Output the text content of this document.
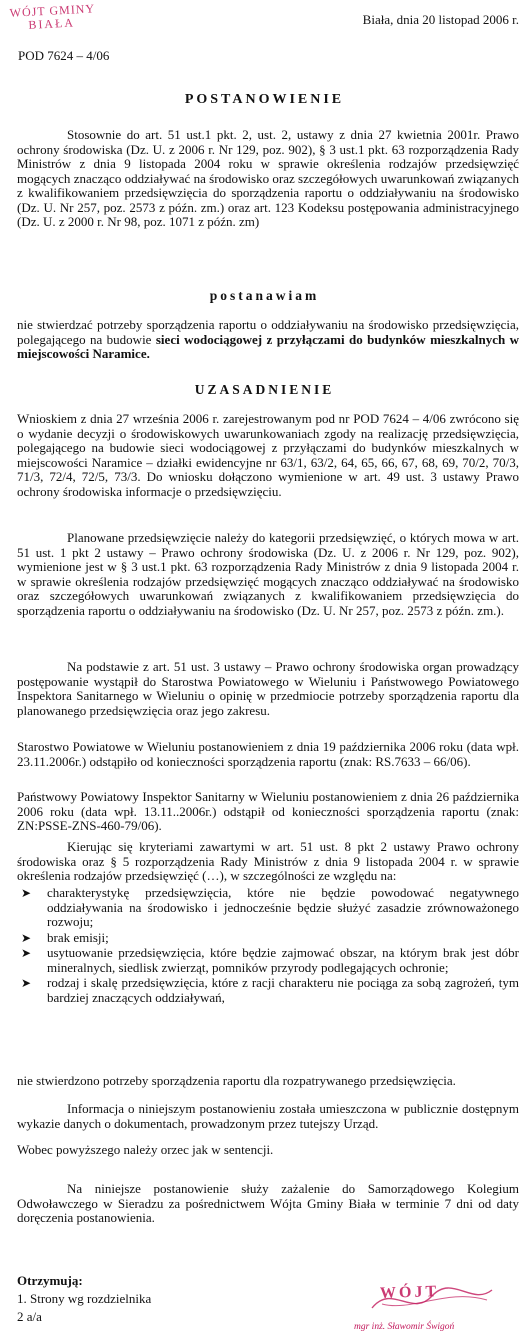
WÓJT GMINY
BIAŁA	Biała, dnia 20 listopad 2006 r.
POD 7624 – 4/06
POSTANOWIENIE
Stosownie do art. 51 ust.1 pkt. 2, ust. 2, ustawy z dnia 27 kwietnia 2001r. Prawo ochrony środowiska (Dz. U. z 2006 r. Nr 129, poz. 902), § 3 ust.1 pkt. 63 rozporządzenia Rady Ministrów z dnia 9 listopada 2004 roku w sprawie określenia rodzajów przedsięwzięć mogących znacząco oddziaływać na środowisko oraz szczegółowych uwarunkowań związanych z kwalifikowaniem przedsięwzięcia do sporządzenia raportu o oddziaływaniu na środowisko (Dz. U. Nr 257, poz. 2573 z późn. zm.) oraz art. 123 Kodeksu postępowania administracyjnego (Dz. U. z 2000 r. Nr 98, poz. 1071 z późn. zm)
postanawiam
nie stwierdzać potrzeby sporządzenia raportu o oddziaływaniu na środowisko przedsięwzięcia, polegającego na budowie sieci wodociągowej z przyłączami do budynków mieszkalnych w miejscowości Naramice.
UZASADNIENIE
Wnioskiem z dnia 27 września 2006 r. zarejestrowanym pod nr POD 7624 – 4/06 zwrócono się o wydanie decyzji o środowiskowych uwarunkowaniach zgody na realizację przedsięwzięcia, polegającego na budowie sieci wodociągowej z przyłączami do budynków mieszkalnych w miejscowości Naramice – działki ewidencyjne nr 63/1, 63/2, 64, 65, 66, 67, 68, 69, 70/2, 70/3, 71/3, 72/4, 72/5, 73/3. Do wniosku dołączono wymienione w art. 49 ust. 3 ustawy Prawo ochrony środowiska informacje o przedsięwzięciu.
Planowane przedsięwzięcie należy do kategorii przedsięwzięć, o których mowa w art. 51 ust. 1 pkt 2 ustawy – Prawo ochrony środowiska (Dz. U. z 2006 r. Nr 129, poz. 902), wymienione jest w § 3 ust.1 pkt. 63 rozporządzenia Rady Ministrów z dnia 9 listopada 2004 r. w sprawie określenia rodzajów przedsięwzięć mogących znacząco oddziaływać na środowisko oraz szczegółowych uwarunkowań związanych z kwalifikowaniem przedsięwzięcia do sporządzenia raportu o oddziaływaniu na środowisko (Dz. U. Nr 257, poz. 2573 z późn. zm.).
Na podstawie z art. 51 ust. 3 ustawy – Prawo ochrony środowiska organ prowadzący postępowanie wystąpił do Starostwa Powiatowego w Wieluniu i Państwowego Powiatowego Inspektora Sanitarnego w Wieluniu o opinię w przedmiocie potrzeby sporządzenia raportu dla planowanego przedsięwzięcia oraz jego zakresu.
Starostwo Powiatowe w Wieluniu postanowieniem z dnia 19 października 2006 roku (data wpł. 23.11.2006r.) odstąpiło od konieczności sporządzenia raportu (znak: RS.7633 – 66/06).
Państwowy Powiatowy Inspektor Sanitarny w Wieluniu postanowieniem z dnia 26 października 2006 roku (data wpł. 13.11..2006r.) odstąpił od konieczności sporządzenia raportu (znak: ZN:PSSE-ZNS-460-79/06).
Kierując się kryteriami zawartymi w art. 51 ust. 8 pkt 2 ustawy Prawo ochrony środowiska oraz § 5 rozporządzenia Rady Ministrów z dnia 9 listopada 2004 r. w sprawie określenia rodzajów przedsięwzięć (…), w szczególności ze względu na:
➤ charakterystykę przedsięwzięcia, które nie będzie powodować negatywnego oddziaływania na środowisko i jednocześnie będzie służyć zasadzie zrównoważonego rozwoju;
➤ brak emisji;
➤ usytuowanie przedsięwzięcia, które będzie zajmować obszar, na którym brak jest dóbr mineralnych, siedlisk zwierząt, pomników przyrody podlegających ochronie;
➤ rodzaj i skalę przedsięwzięcia, które z racji charakteru nie pociąga za sobą zagrożeń, tym bardziej znaczących oddziaływań,
nie stwierdzono potrzeby sporządzenia raportu dla rozpatrywanego przedsięwzięcia.
Informacja o niniejszym postanowieniu została umieszczona w publicznie dostępnym wykazie danych o dokumentach, prowadzonym przez tutejszy Urząd.
Wobec powyższego należy orzec jak w sentencji.
Na niniejsze postanowienie służy zażalenie do Samorządowego Kolegium Odwoławczego w Sieradzu za pośrednictwem Wójta Gminy Biała w terminie 7 dni od daty doręczenia postanowienia.
Otrzymują:
1. Strony wg rozdzielnika
2 a/a
WÓJT
mgr inż. Sławomir Świgoń
